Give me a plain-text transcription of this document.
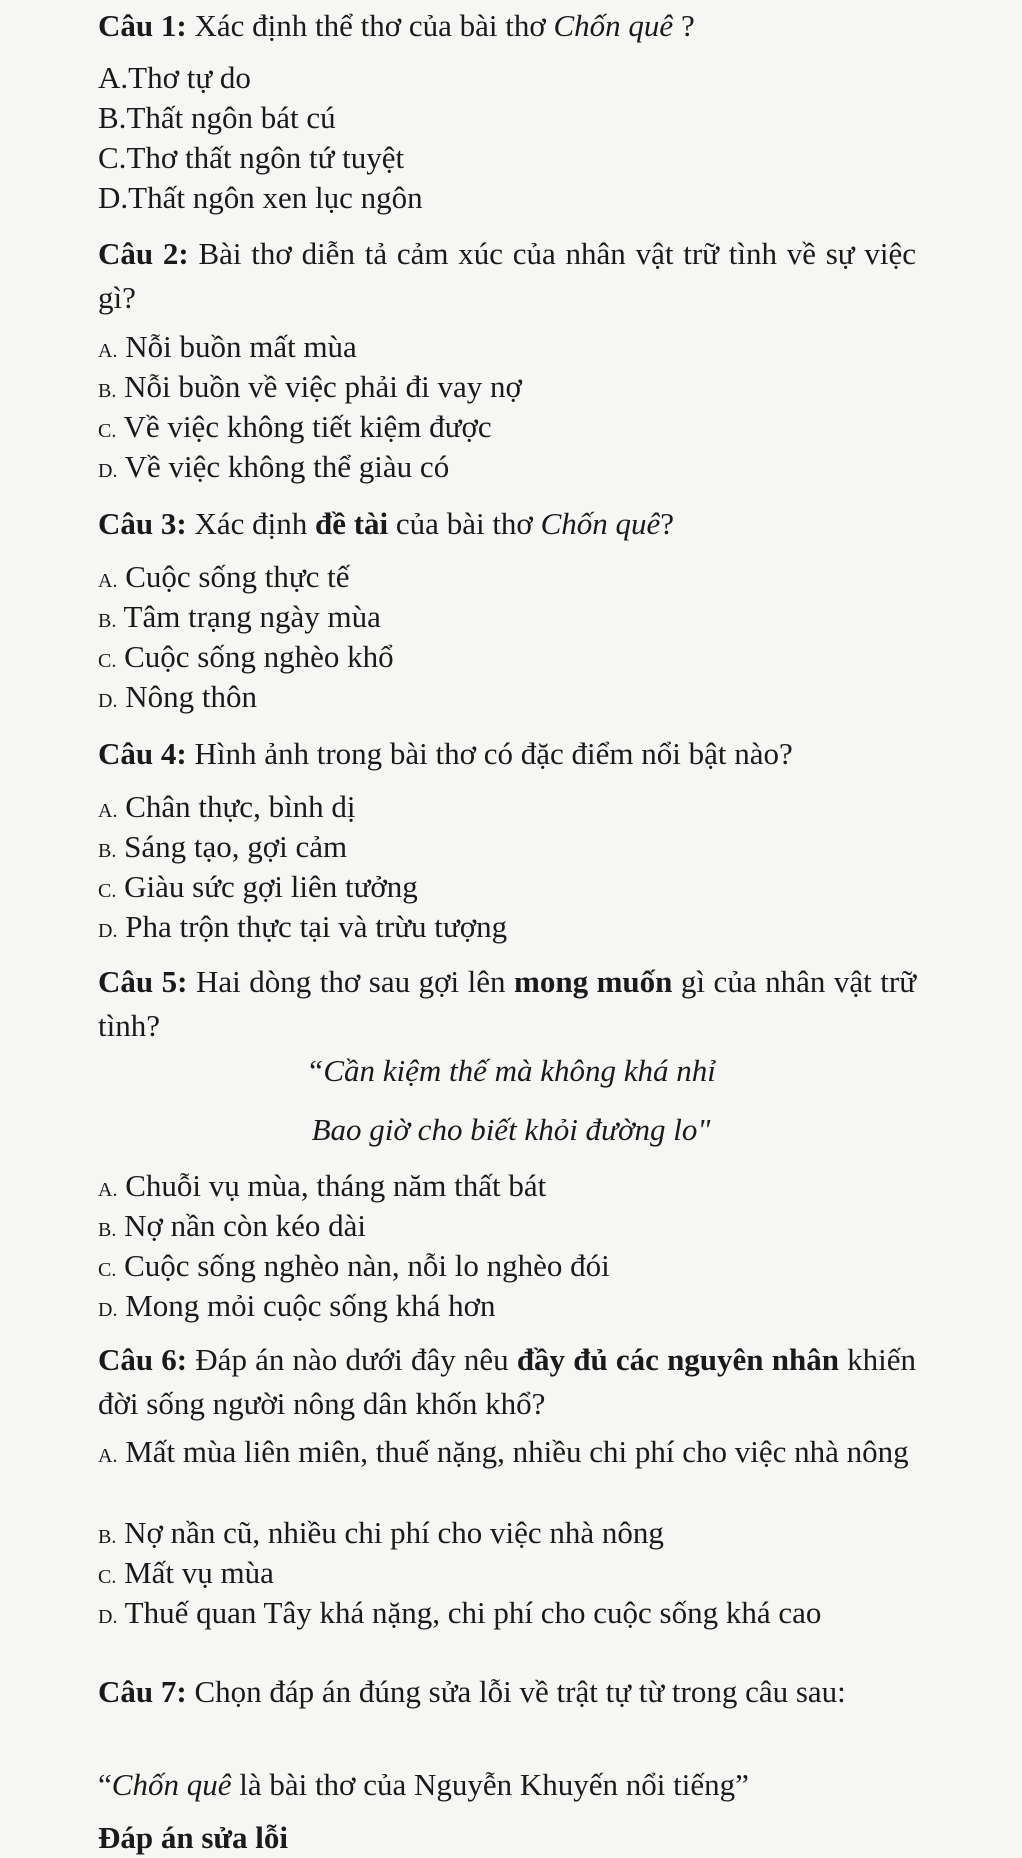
Câu 1: Xác định thể thơ của bài thơ Chốn quê ?
A.Thơ tự do
B.Thất ngôn bát cú
C.Thơ thất ngôn tứ tuyệt
D.Thất ngôn xen lục ngôn
Câu 2: Bài thơ diễn tả cảm xúc của nhân vật trữ tình về sự việc gì?
A. Nỗi buồn mất mùa
B. Nỗi buồn về việc phải đi vay nợ
C. Về việc không tiết kiệm được
D. Về việc không thể giàu có
Câu 3: Xác định đề tài của bài thơ Chốn quê?
A. Cuộc sống thực tế
B. Tâm trạng ngày mùa
C. Cuộc sống nghèo khổ
D. Nông thôn
Câu 4: Hình ảnh trong bài thơ có đặc điểm nổi bật nào?
A. Chân thực, bình dị
B. Sáng tạo, gợi cảm
C. Giàu sức gợi liên tưởng
D. Pha trộn thực tại và trừu tượng
Câu 5: Hai dòng thơ sau gợi lên mong muốn gì của nhân vật trữ tình?
“Cần kiệm thế mà không khá nhỉ
Bao giờ cho biết khỏi đường lo"
A. Chuỗi vụ mùa, tháng năm thất bát
B. Nợ nần còn kéo dài
C. Cuộc sống nghèo nàn, nỗi lo nghèo đói
D. Mong mỏi cuộc sống khá hơn
Câu 6: Đáp án nào dưới đây nêu đầy đủ các nguyên nhân khiến đời sống người nông dân khốn khổ?
A. Mất mùa liên miên, thuế nặng, nhiều chi phí cho việc nhà nông
B. Nợ nần cũ, nhiều chi phí cho việc nhà nông
C. Mất vụ mùa
D. Thuế quan Tây khá nặng, chi phí cho cuộc sống khá cao
Câu 7: Chọn đáp án đúng sửa lỗi về trật tự từ trong câu sau:
“Chốn quê là bài thơ của Nguyễn Khuyến nổi tiếng”
Đáp án sửa lỗi
